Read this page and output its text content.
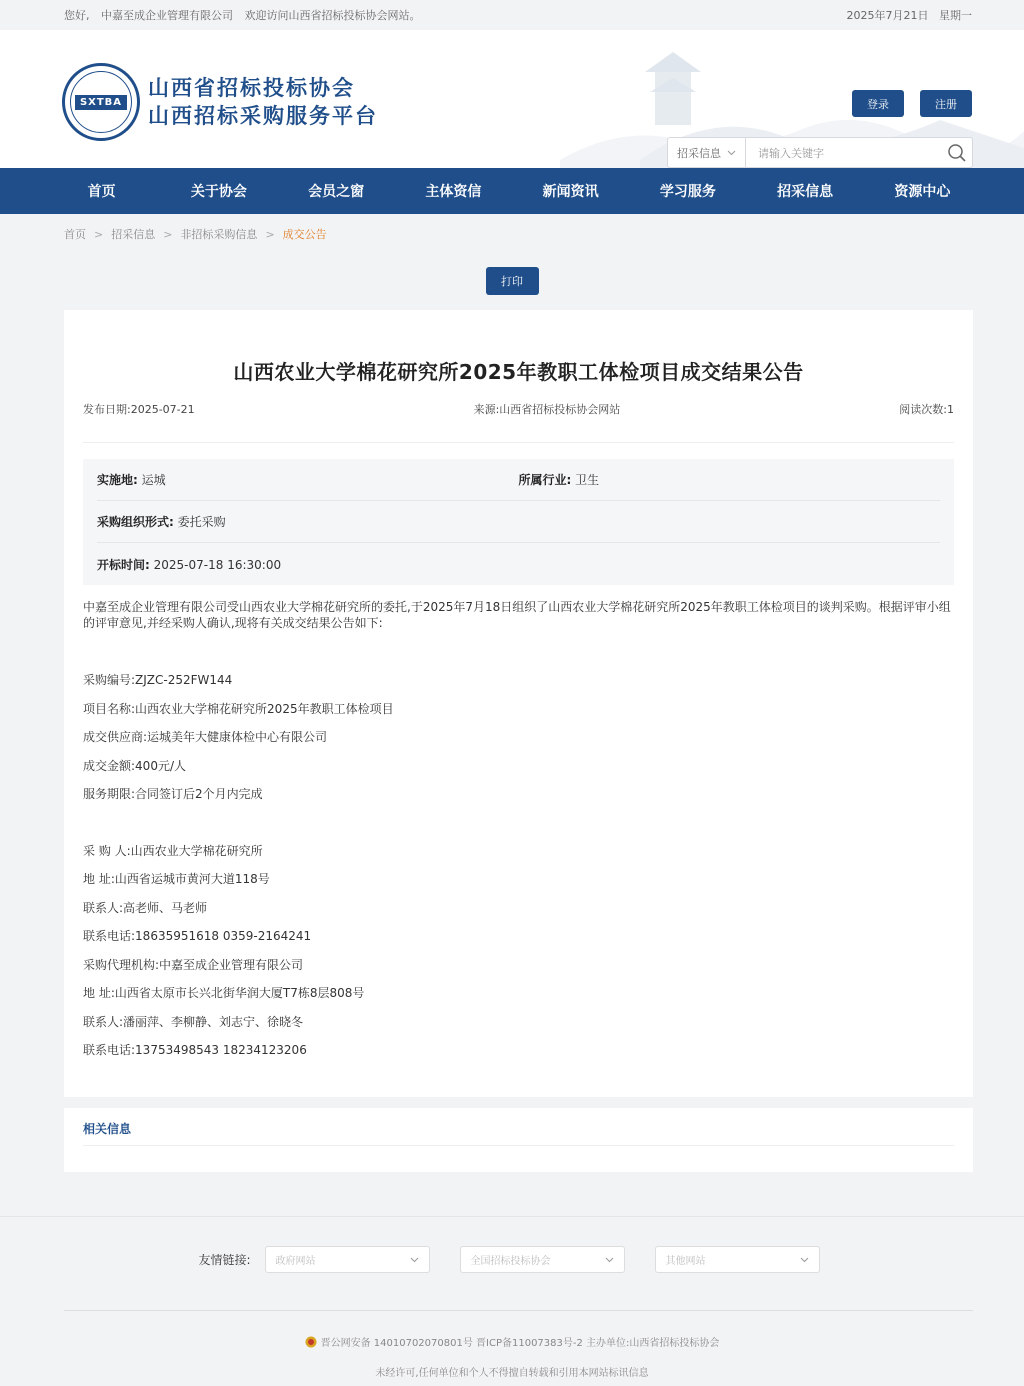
您好, 中嘉至成企业管理有限公司 欢迎访问山西省招标投标协会网站。	2025年7月21日 星期一
SXTBA
山西省招标投标协会
山西招标采购服务平台	登录	注册
招采信息	请输入关键字
首页	关于协会	会员之窗	主体资信	新闻资讯	学习服务	招采信息	资源中心
首页 > 招采信息 > 非招标采购信息 > 成交公告
打印
山西农业大学棉花研究所2025年教职工体检项目成交结果公告
发布日期:2025-07-21	来源:山西省招标投标协会网站	阅读次数:1
实施地: 运城	所属行业: 卫生
采购组织形式: 委托采购
开标时间: 2025-07-18 16:30:00

中嘉至成企业管理有限公司受山西农业大学棉花研究所的委托,于2025年7月18日组织了山西农业大学棉花研究所2025年教职工体检项目的谈判采购。根据评审小组的评审意见,并经采购人确认,现将有关成交结果公告如下:

采购编号:ZJZC-252FW144
项目名称:山西农业大学棉花研究所2025年教职工体检项目
成交供应商:运城美年大健康体检中心有限公司
成交金额:400元/人
服务期限:合同签订后2个月内完成
采 购 人:山西农业大学棉花研究所
地 址:山西省运城市黄河大道118号
联系人:高老师、马老师
联系电话:18635951618 0359-2164241
采购代理机构:中嘉至成企业管理有限公司
地 址:山西省太原市长兴北街华润大厦T7栋8层808号
联系人:潘丽萍、李柳静、刘志宁、徐晓冬
联系电话:13753498543 18234123206
相关信息
友情链接:	政府网站	全国招标投标协会	其他网站
晋公网安备 14010702070801号 晋ICP备11007383号-2 主办单位:山西省招标投标协会
未经许可,任何单位和个人不得擅自转载和引用本网站标讯信息
